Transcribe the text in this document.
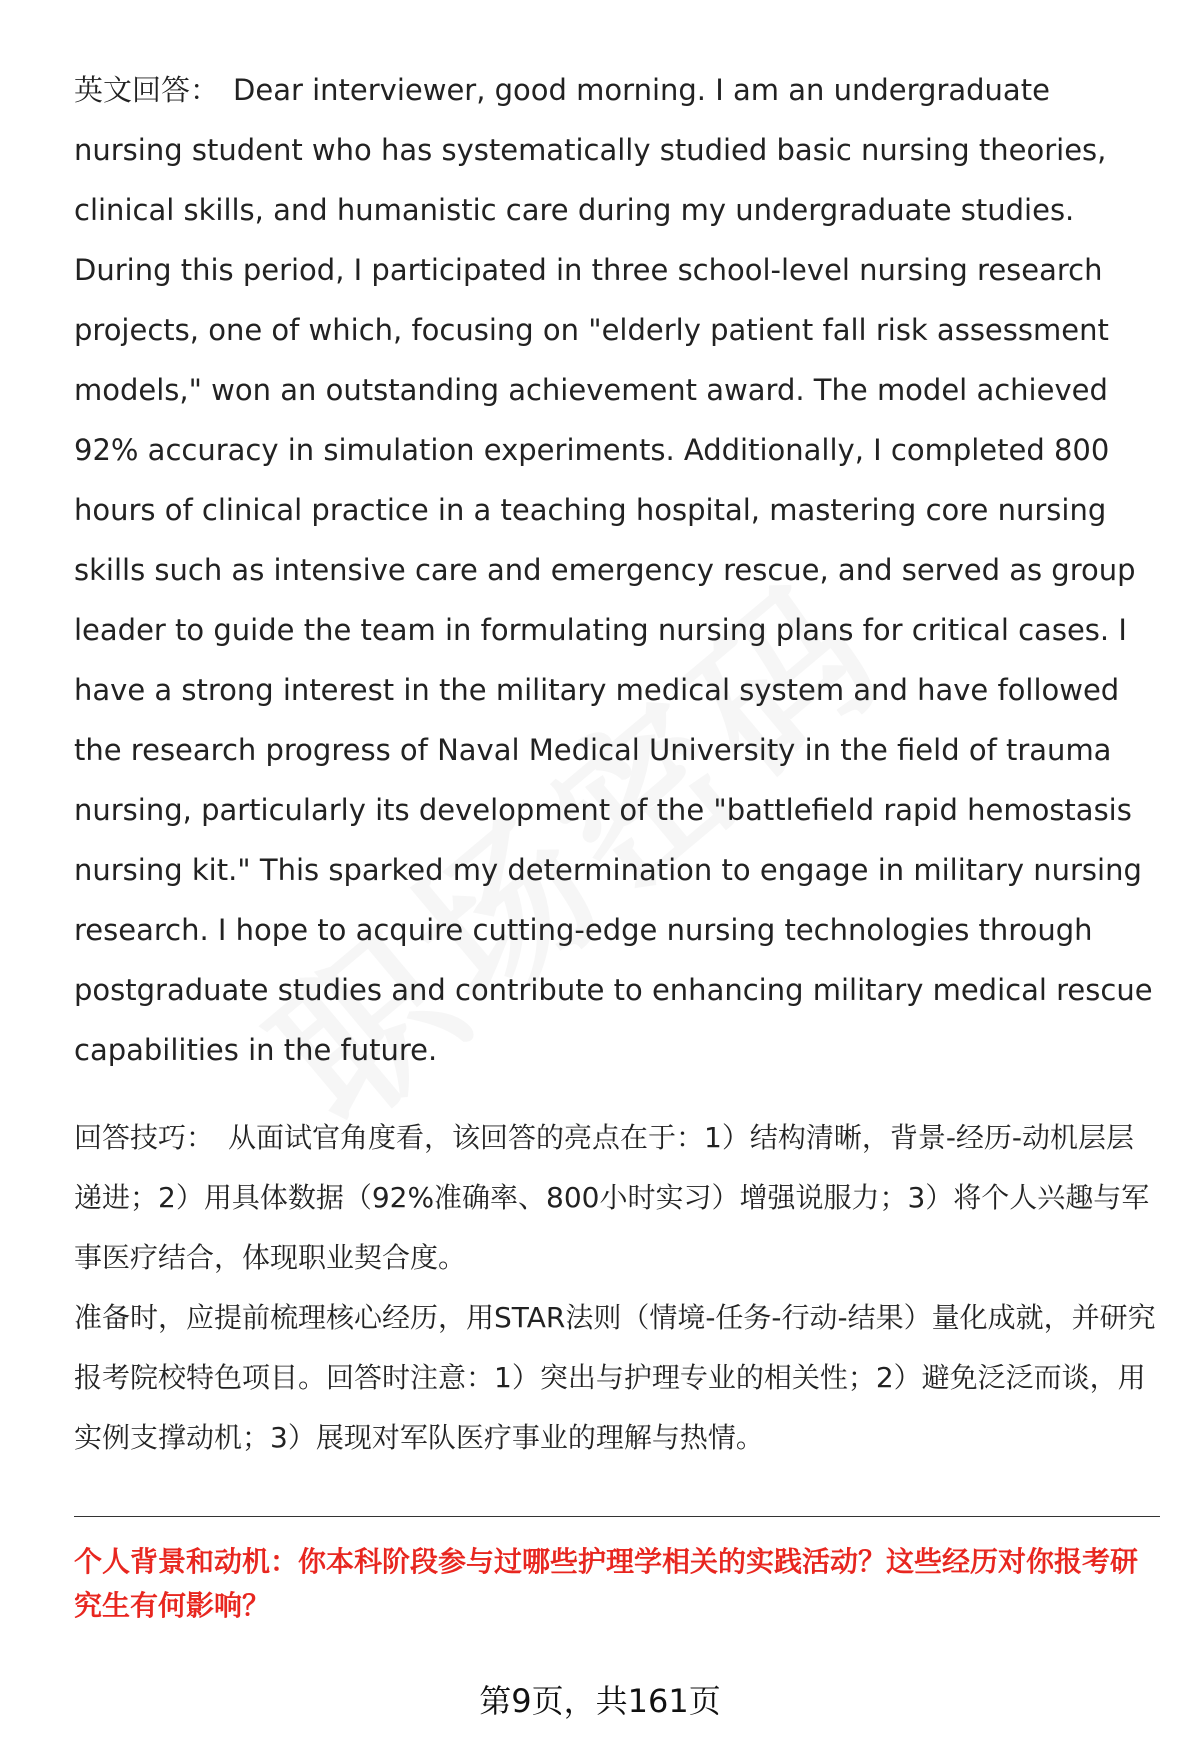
英文回答： Dear interviewer, good morning. I am an undergraduate nursing student who has systematically studied basic nursing theories, clinical skills, and humanistic care during my undergraduate studies. During this period, I participated in three school-level nursing research projects, one of which, focusing on "elderly patient fall risk assessment models," won an outstanding achievement award. The model achieved 92% accuracy in simulation experiments. Additionally, I completed 800 hours of clinical practice in a teaching hospital, mastering core nursing skills such as intensive care and emergency rescue, and served as group leader to guide the team in formulating nursing plans for critical cases. I have a strong interest in the military medical system and have followed the research progress of Naval Medical University in the field of trauma nursing, particularly its development of the "battlefield rapid hemostasis nursing kit." This sparked my determination to engage in military nursing research. I hope to acquire cutting-edge nursing technologies through postgraduate studies and contribute to enhancing military medical rescue capabilities in the future.

回答技巧： 从面试官角度看，该回答的亮点在于：1）结构清晰，背景-经历-动机层层递进；2）用具体数据（92%准确率、800小时实习）增强说服力；3）将个人兴趣与军事医疗结合，体现职业契合度。

准备时，应提前梳理核心经历，用STAR法则（情境-任务-行动-结果）量化成就，并研究报考院校特色项目。回答时注意：1）突出与护理专业的相关性；2）避免泛泛而谈，用实例支撑动机；3）展现对军队医疗事业的理解与热情。

个人背景和动机：你本科阶段参与过哪些护理学相关的实践活动？这些经历对你报考研究生有何影响？

第9页，共161页
